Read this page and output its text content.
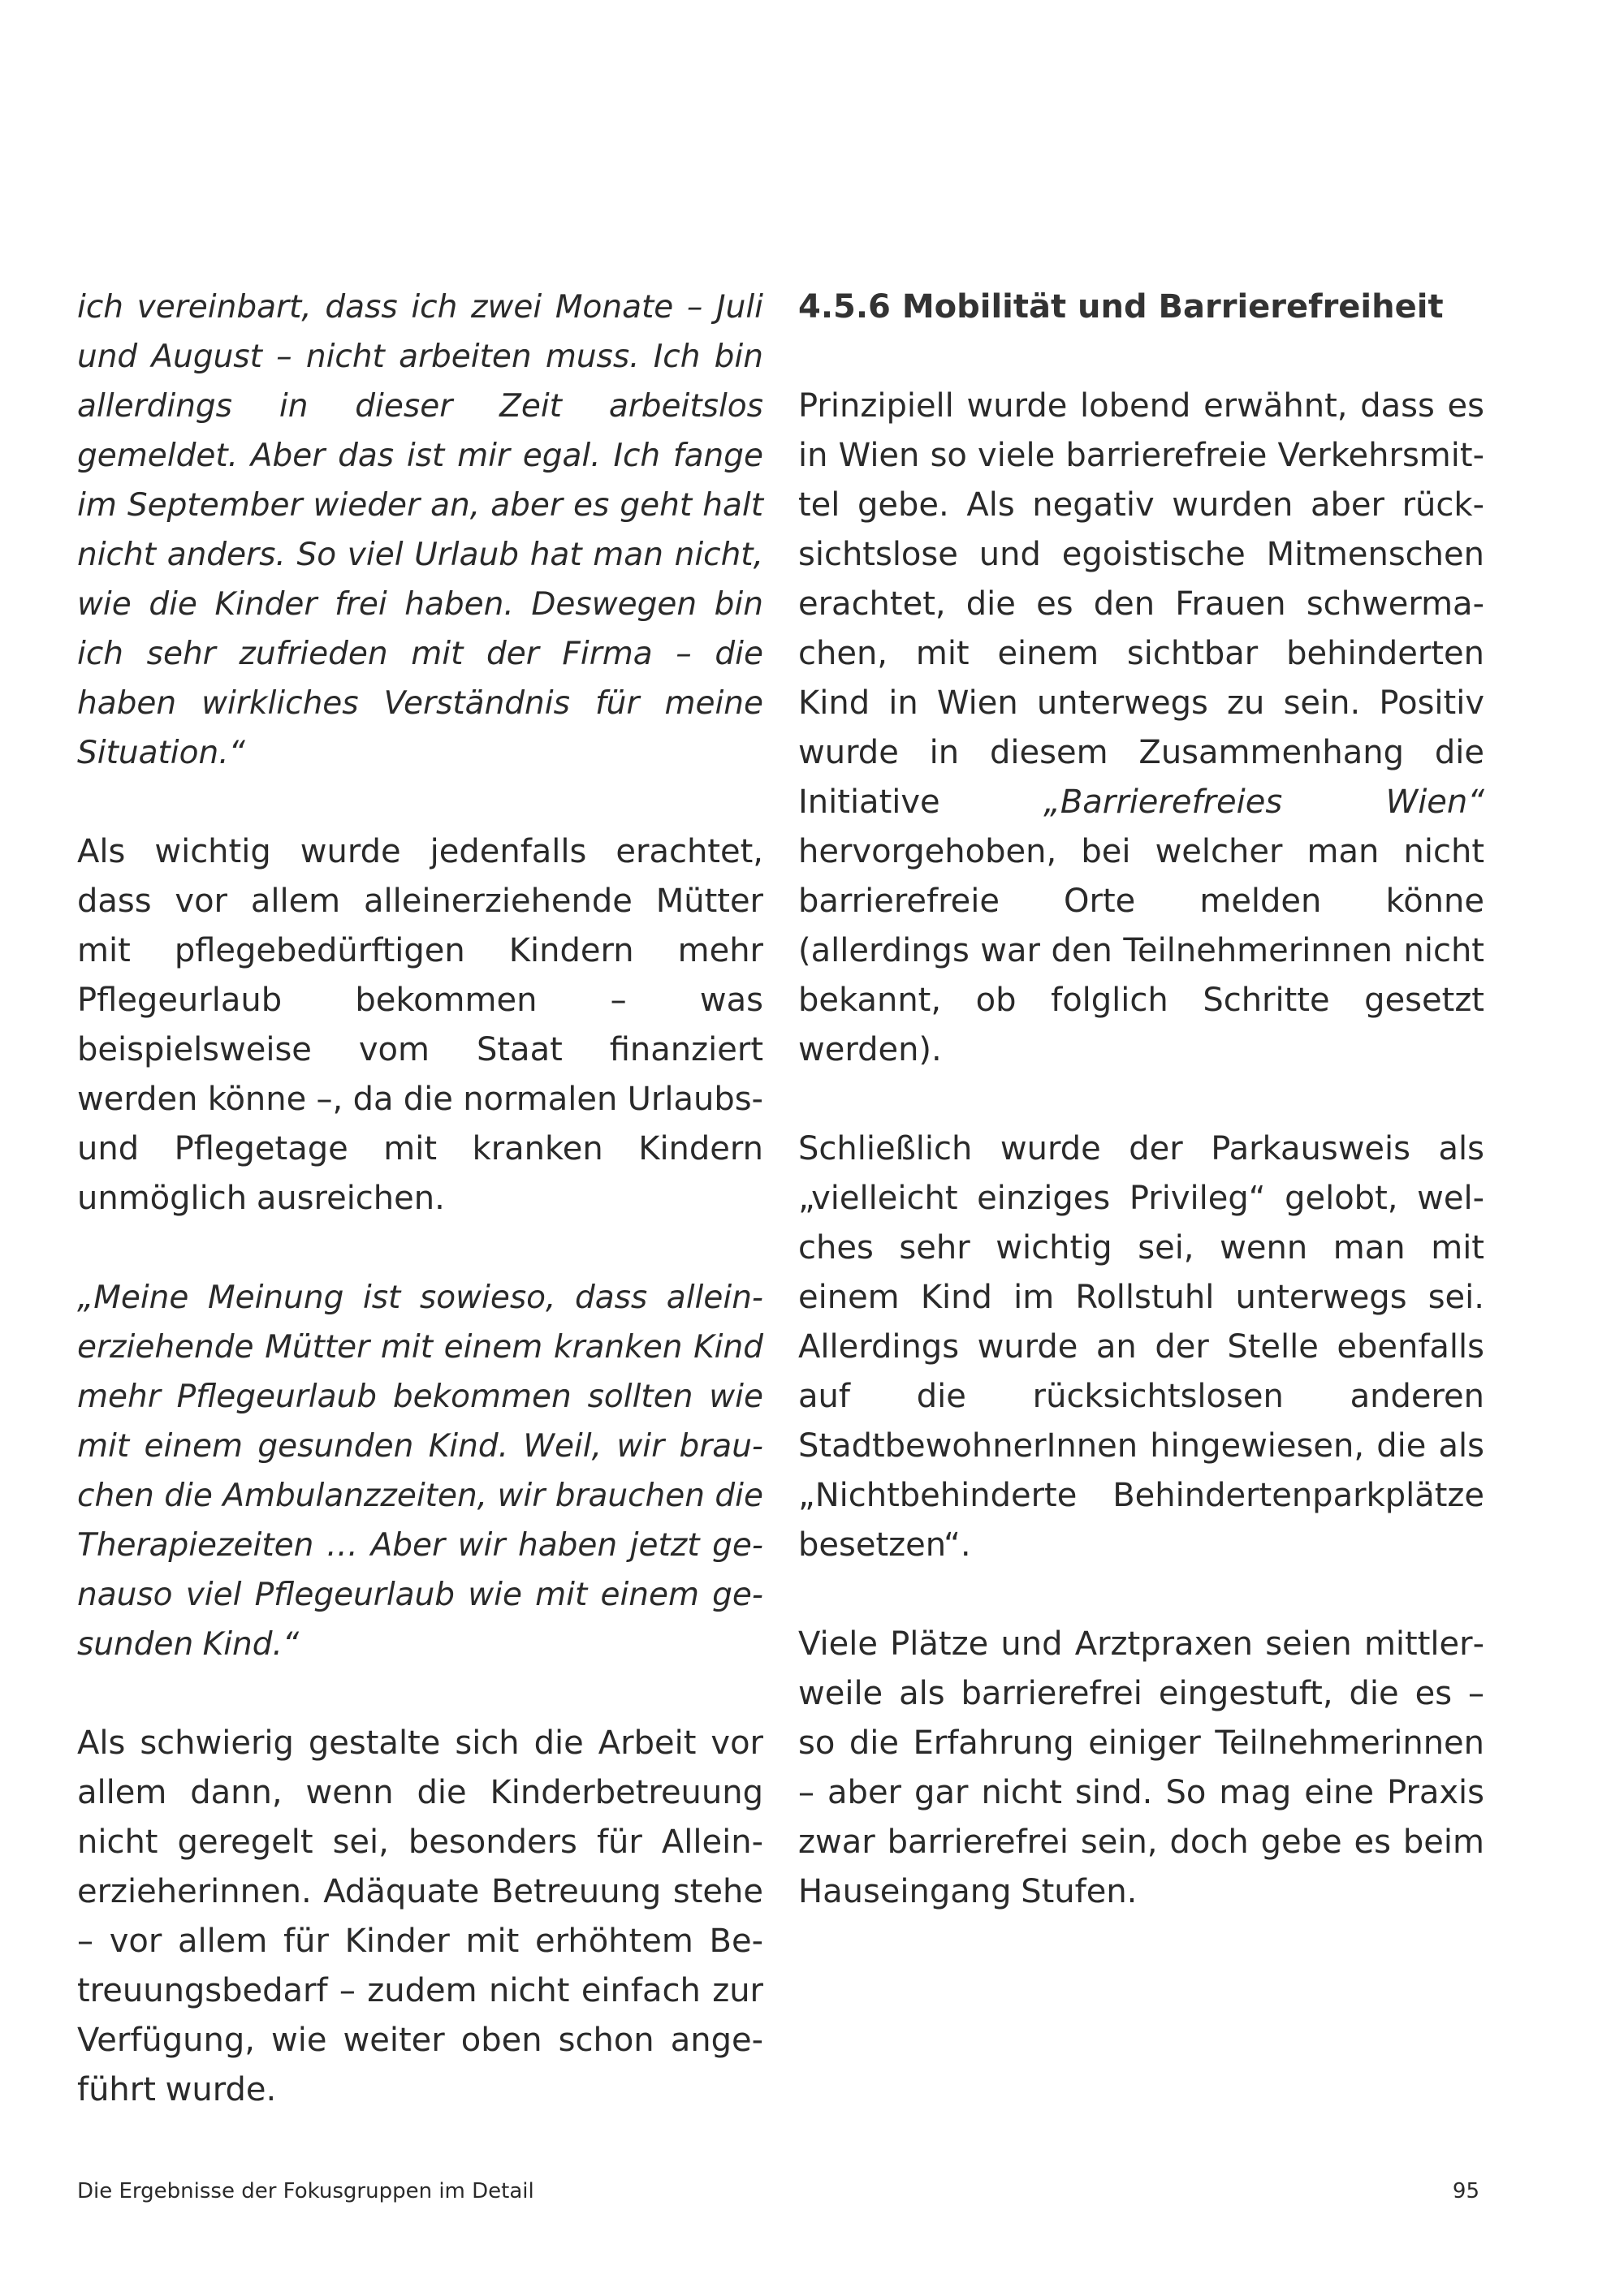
ich vereinbart, dass ich zwei Monate – Juli und August – nicht arbeiten muss. Ich bin allerdings in dieser Zeit arbeitslos gemeldet. Aber das ist mir egal. Ich fange im September wieder an, aber es geht halt nicht anders. So viel Urlaub hat man nicht, wie die Kinder frei haben. Deswegen bin ich sehr zufrieden mit der Firma – die haben wirkliches Verständnis für meine Situation.“

Als wichtig wurde jedenfalls erachtet, dass vor allem alleinerziehende Mütter mit pflegebedürftigen Kindern mehr Pflegeurlaub bekommen – was beispielsweise vom Staat finanziert werden könne –, da die normalen Urlaubs- und Pflegetage mit kranken Kindern unmöglich ausreichen.

„Meine Meinung ist sowieso, dass alleinerziehende Mütter mit einem kranken Kind mehr Pflegeurlaub bekommen sollten wie mit einem gesunden Kind. Weil, wir brauchen die Ambulanzzeiten, wir brauchen die Therapiezeiten … Aber wir haben jetzt genauso viel Pflegeurlaub wie mit einem gesunden Kind.“

Als schwierig gestalte sich die Arbeit vor allem dann, wenn die Kinderbetreuung nicht geregelt sei, besonders für Alleinerzieherinnen. Adäquate Betreuung stehe – vor allem für Kinder mit erhöhtem Betreuungsbedarf – zudem nicht einfach zur Verfügung, wie weiter oben schon angeführt wurde.

4.5.6 Mobilität und Barrierefreiheit

Prinzipiell wurde lobend erwähnt, dass es in Wien so viele barrierefreie Verkehrsmittel gebe. Als negativ wurden aber rücksichtslose und egoistische Mitmenschen erachtet, die es den Frauen schwermachen, mit einem sichtbar behinderten Kind in Wien unterwegs zu sein. Positiv wurde in diesem Zusammenhang die Initiative „Barrierefreies Wien“ hervorgehoben, bei welcher man nicht barrierefreie Orte melden könne (allerdings war den Teilnehmerinnen nicht bekannt, ob folglich Schritte gesetzt werden).

Schließlich wurde der Parkausweis als „vielleicht einziges Privileg“ gelobt, welches sehr wichtig sei, wenn man mit einem Kind im Rollstuhl unterwegs sei. Allerdings wurde an der Stelle ebenfalls auf die rücksichtslosen anderen StadtbewohnerInnen hingewiesen, die als „Nichtbehinderte Behindertenparkplätze besetzen“.

Viele Plätze und Arztpraxen seien mittlerweile als barrierefrei eingestuft, die es – so die Erfahrung einiger Teilnehmerinnen – aber gar nicht sind. So mag eine Praxis zwar barrierefrei sein, doch gebe es beim Hauseingang Stufen.

Die Ergebnisse der Fokusgruppen im Detail	95
